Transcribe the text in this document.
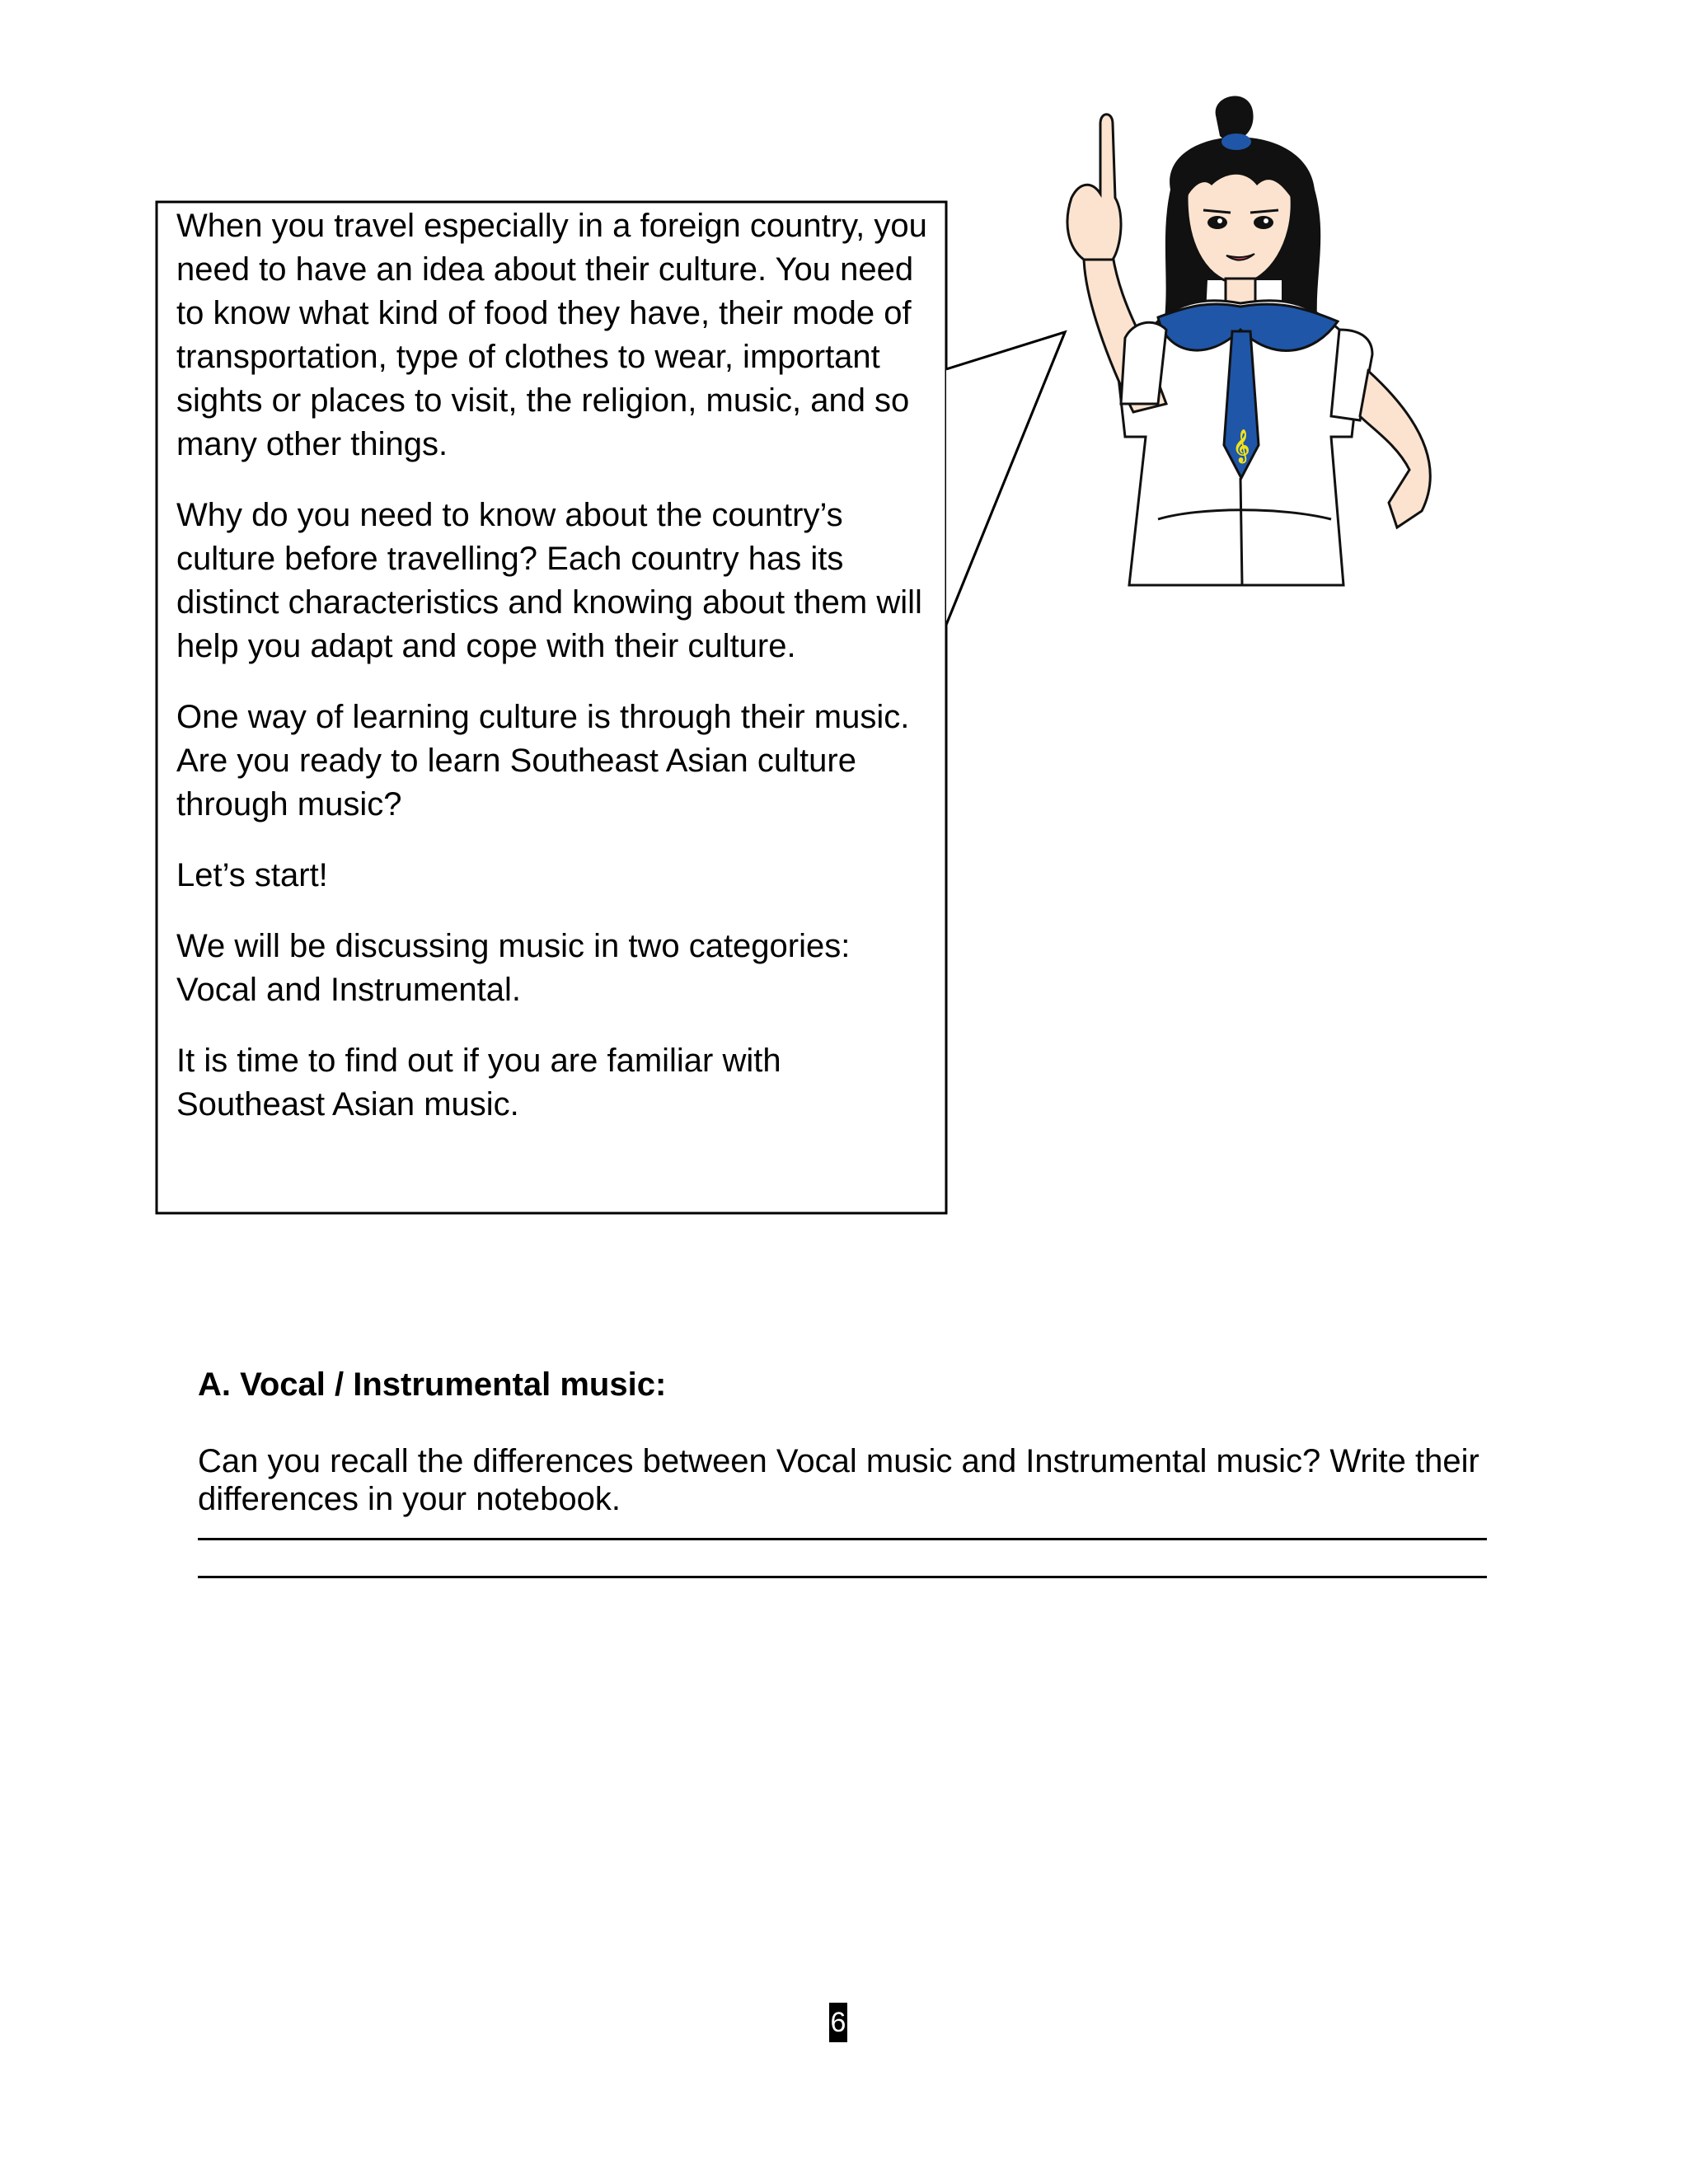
When you travel especially in a foreign country, you need to have an idea about their culture. You need to know what kind of food they have, their mode of transportation, type of clothes to wear, important sights or places to visit, the religion, music, and so many other things.

Why do you need to know about the country’s culture before travelling? Each country has its distinct characteristics and knowing about them will help you adapt and cope with their culture.

One way of learning culture is through their music. Are you ready to learn Southeast Asian culture through music?

Let’s start!

We will be discussing music in two categories: Vocal and Instrumental.

It is time to find out if you are familiar with Southeast Asian music.

𝄞
A. Vocal / Instrumental music:

Can you recall the differences between Vocal music and Instrumental music? Write their differences in your notebook.

6
